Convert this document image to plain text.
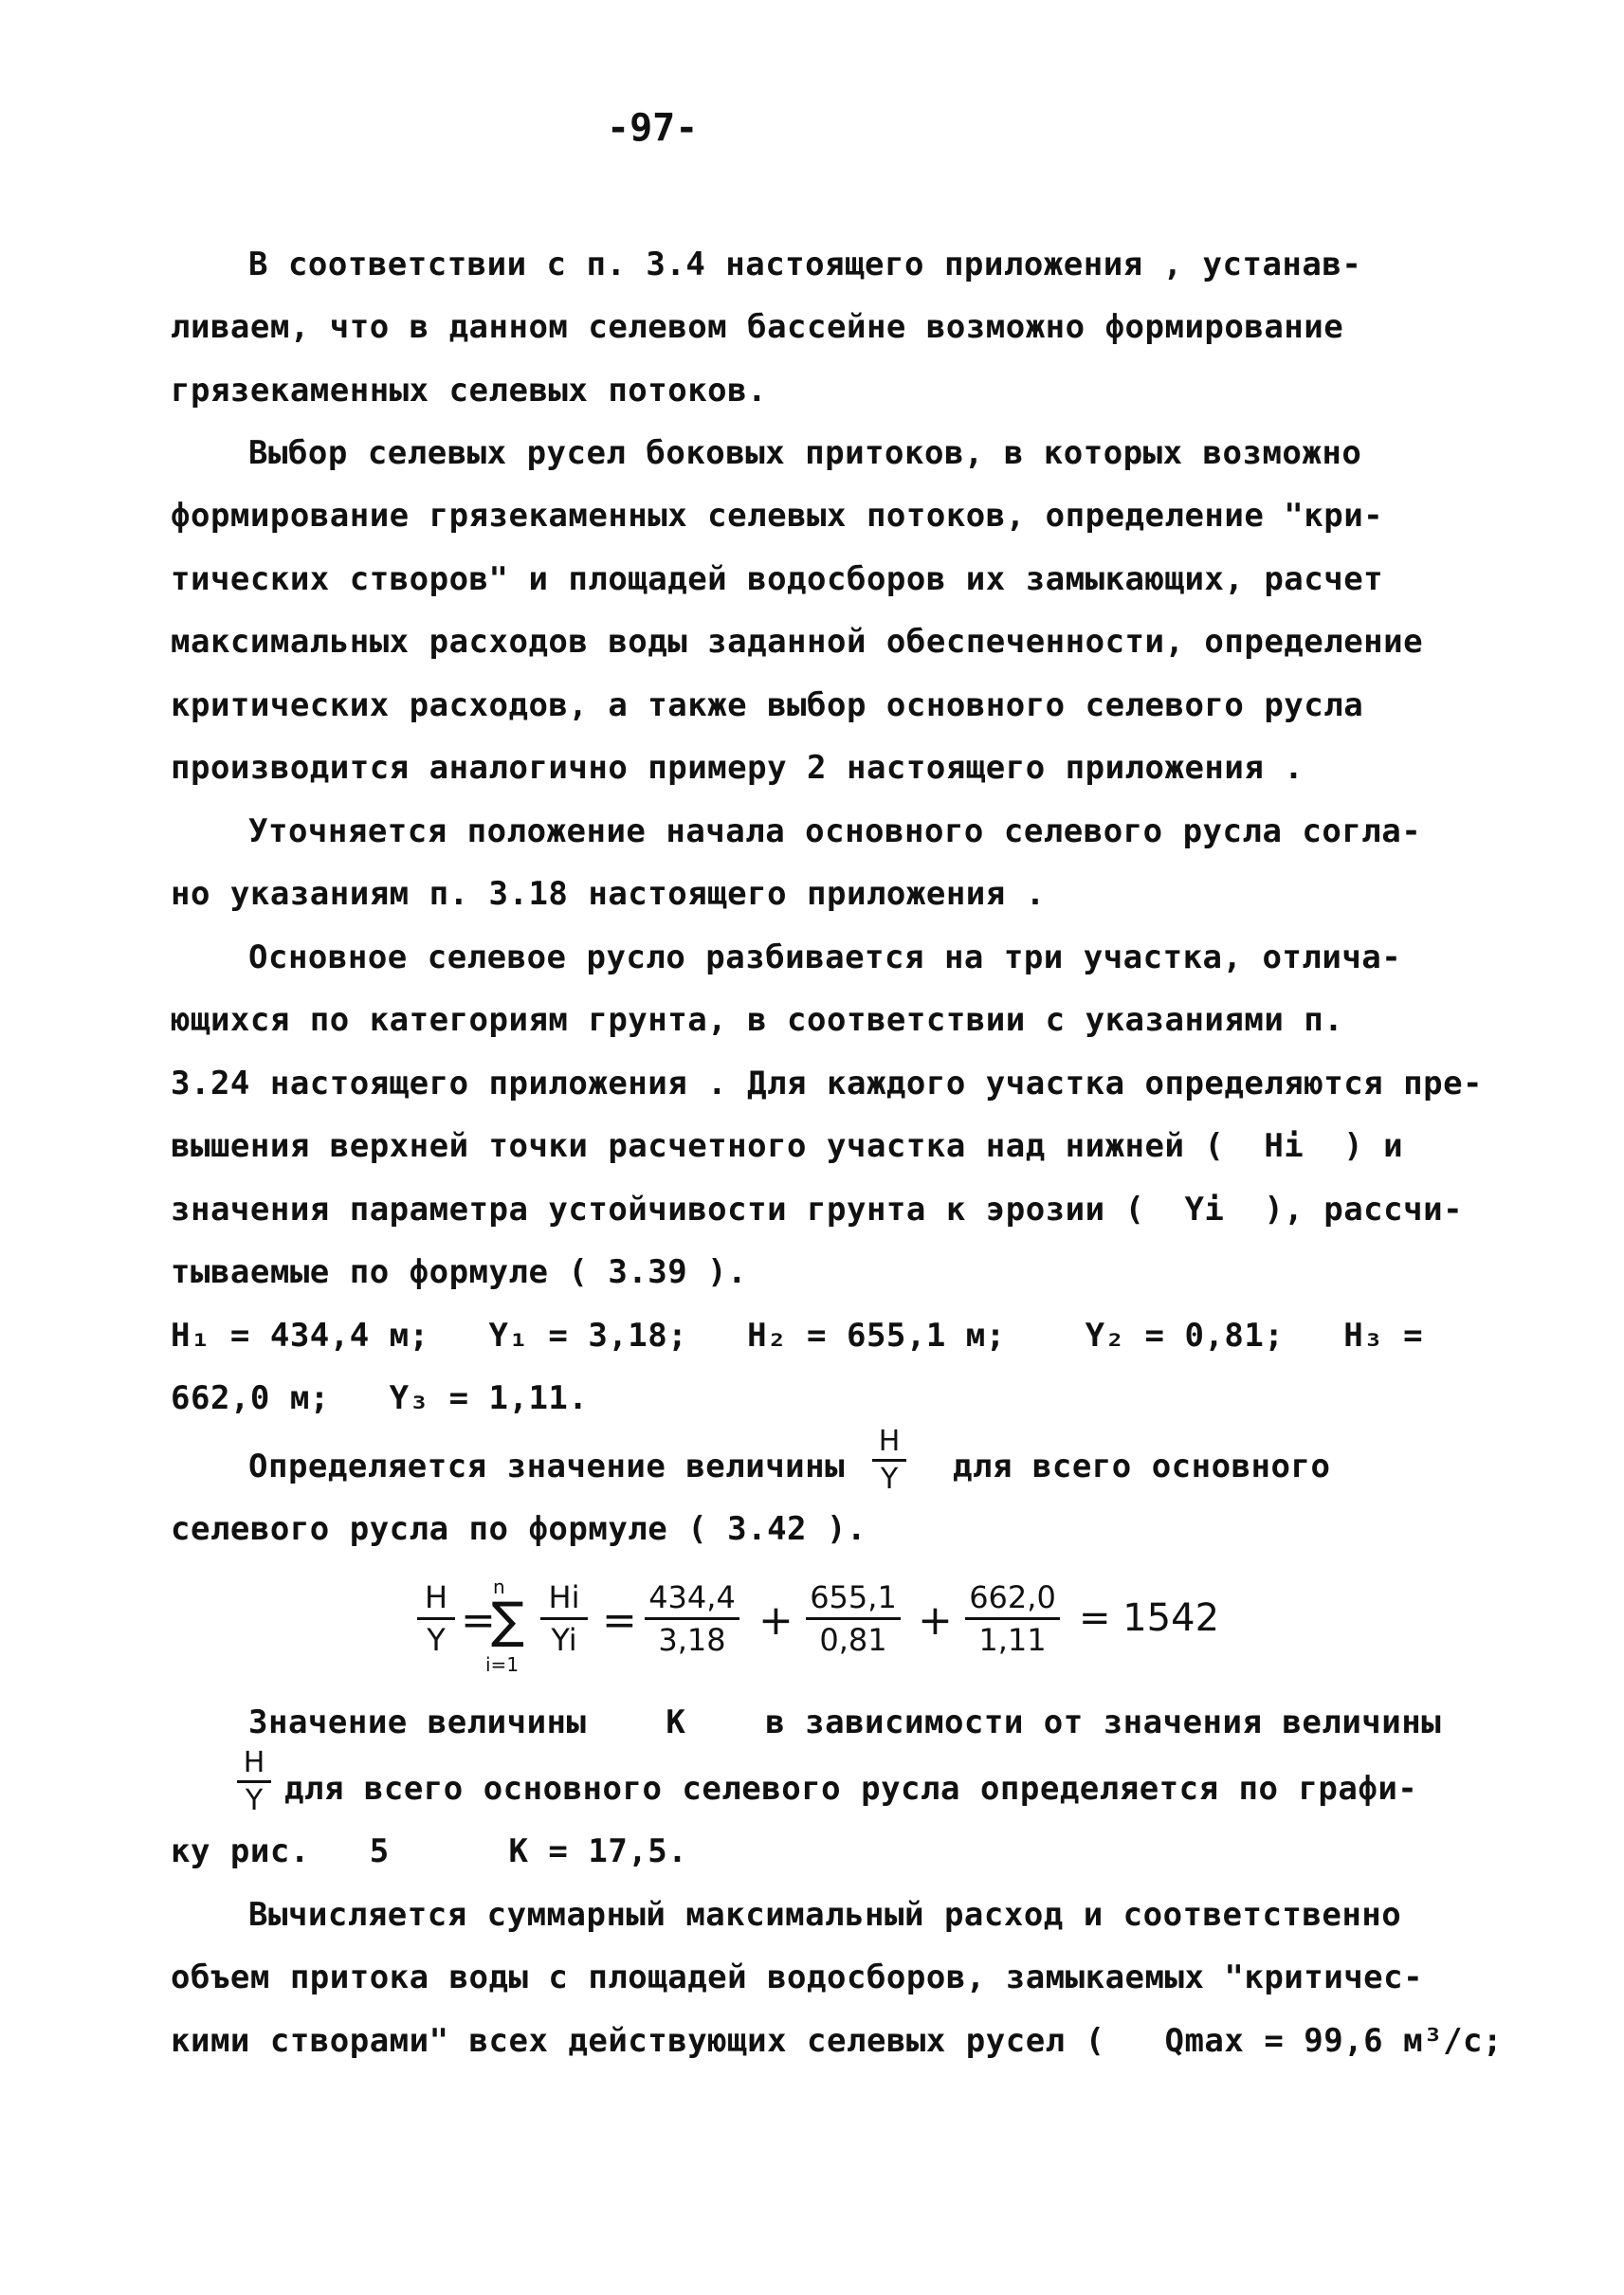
-97-
В соответствии с п. 3.4 настоящего приложения , устанав-
ливаем, что в данном селевом бассейне возможно формирование
грязекаменных селевых потоков.
Выбор селевых русел боковых притоков, в которых возможно
формирование грязекаменных селевых потоков, определение "кри-
тических створов" и площадей водосборов их замыкающих, расчет
максимальных расходов воды заданной обеспеченности, определение
критических расходов, а также выбор основного селевого русла
производится аналогично примеру 2 настоящего приложения .
Уточняется положение начала основного селевого русла согла-
но указаниям п. 3.18 настоящего приложения .
Основное селевое русло разбивается на три участка, отлича-
ющихся по категориям грунта, в соответствии с указаниями п.
3.24 настоящего приложения . Для каждого участка определяются пре-
вышения верхней точки расчетного участка над нижней (  Hi  ) и
значения параметра устойчивости грунта к эрозии (  Yi  ), рассчи-
тываемые по формуле ( 3.39 ).
H₁ = 434,4 м;   Y₁ = 3,18;   H₂ = 655,1 м;    Y₂ = 0,81;   H₃ =
662,0 м;   Y₃ = 1,11.
Определяется значение величины
H
Y для всего основного
селевого русла по формуле ( 3.42 ).
H
Y =
n
∑
i=1
Hi
Yi = 434,4
3,18 + 655,1
0,81 + 662,0
1,11 = 1542
Значение величины    K    в зависимости от значения величины
H
Y для всего основного селевого русла определяется по графи-
ку рис.   5      K = 17,5.
Вычисляется суммарный максимальный расход и соответственно
объем притока воды с площадей водосборов, замыкаемых "критичес-
кими створами" всех действующих селевых русел (   Qmax = 99,6 м³/с;
